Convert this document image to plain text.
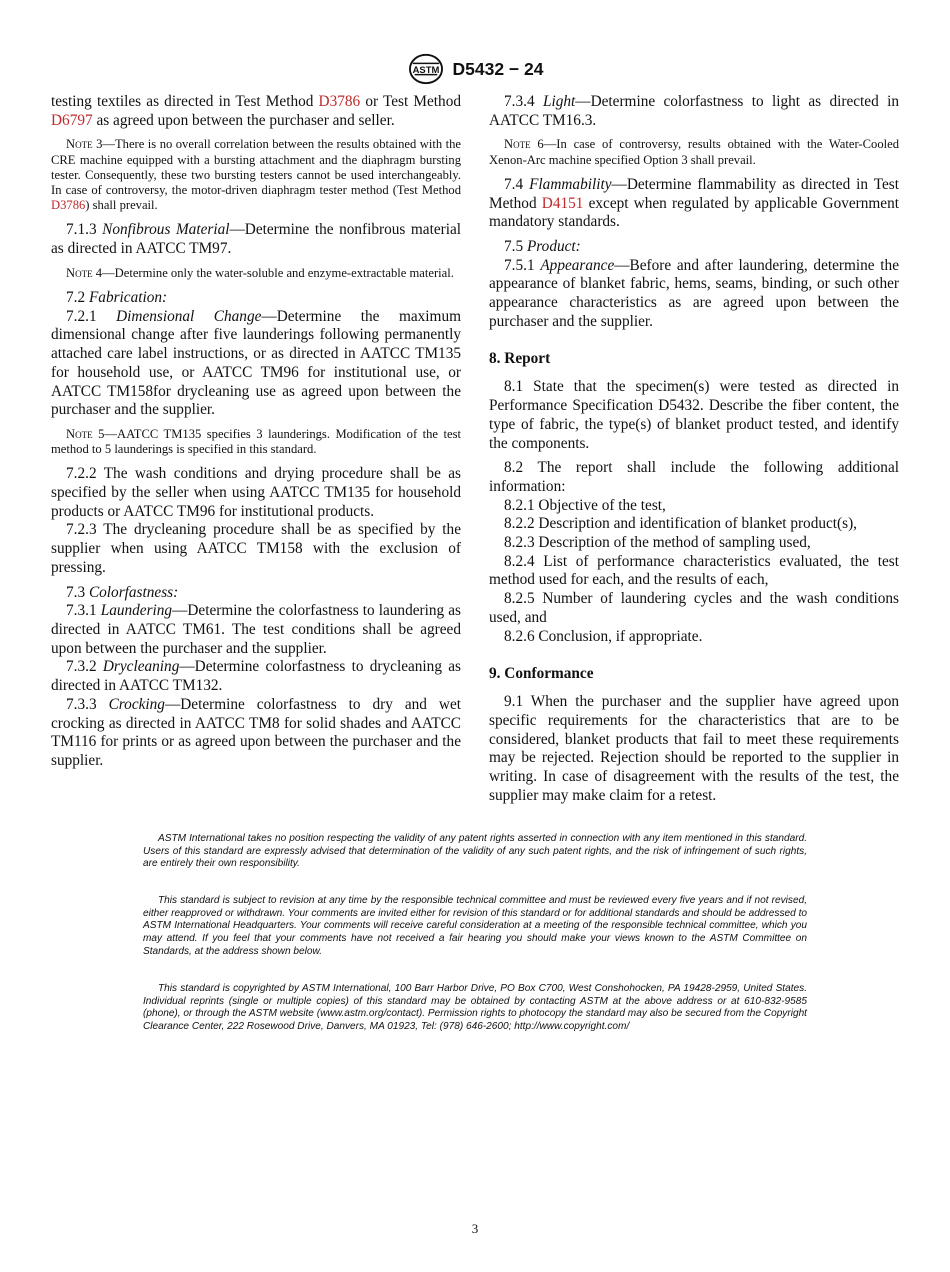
ASTM D5432 − 24

testing textiles as directed in Test Method D3786 or Test Method D6797 as agreed upon between the purchaser and seller.

Note 3—There is no overall correlation between the results obtained with the CRE machine equipped with a bursting attachment and the diaphragm bursting tester. Consequently, these two bursting testers cannot be used interchangeably. In case of controversy, the motor-driven diaphragm tester method (Test Method D3786) shall prevail.

7.1.3 Nonfibrous Material—Determine the nonfibrous material as directed in AATCC TM97.

Note 4—Determine only the water-soluble and enzyme-extractable material.

7.2 Fabrication:

7.2.1 Dimensional Change—Determine the maximum dimensional change after five launderings following permanently attached care label instructions, or as directed in AATCC TM135 for household use, or AATCC TM96 for institutional use, or AATCC TM158for drycleaning use as agreed upon between the purchaser and the supplier.

Note 5—AATCC TM135 specifies 3 launderings. Modification of the test method to 5 launderings is specified in this standard.

7.2.2 The wash conditions and drying procedure shall be as specified by the seller when using AATCC TM135 for household products or AATCC TM96 for institutional products.

7.2.3 The drycleaning procedure shall be as specified by the supplier when using AATCC TM158 with the exclusion of pressing.

7.3 Colorfastness:

7.3.1 Laundering—Determine the colorfastness to laundering as directed in AATCC TM61. The test conditions shall be agreed upon between the purchaser and the supplier.

7.3.2 Drycleaning—Determine colorfastness to drycleaning as directed in AATCC TM132.

7.3.3 Crocking—Determine colorfastness to dry and wet crocking as directed in AATCC TM8 for solid shades and AATCC TM116 for prints or as agreed upon between the purchaser and the supplier.

7.3.4 Light—Determine colorfastness to light as directed in AATCC TM16.3.

Note 6—In case of controversy, results obtained with the Water-Cooled Xenon-Arc machine specified Option 3 shall prevail.

7.4 Flammability—Determine flammability as directed in Test Method D4151 except when regulated by applicable Government mandatory standards.

7.5 Product:

7.5.1 Appearance—Before and after laundering, determine the appearance of blanket fabric, hems, seams, binding, or such other appearance characteristics as are agreed upon between the purchaser and the supplier.

8. Report

8.1 State that the specimen(s) were tested as directed in Performance Specification D5432. Describe the fiber content, the type of fabric, the type(s) of blanket product tested, and identify the components.

8.2 The report shall include the following additional information:

8.2.1 Objective of the test,

8.2.2 Description and identification of blanket product(s),

8.2.3 Description of the method of sampling used,

8.2.4 List of performance characteristics evaluated, the test method used for each, and the results of each,

8.2.5 Number of laundering cycles and the wash conditions used, and

8.2.6 Conclusion, if appropriate.

9. Conformance

9.1 When the purchaser and the supplier have agreed upon specific requirements for the characteristics that are to be considered, blanket products that fail to meet these requirements may be rejected. Rejection should be reported to the supplier in writing. In case of disagreement with the results of the test, the supplier may make claim for a retest.

ASTM International takes no position respecting the validity of any patent rights asserted in connection with any item mentioned in this standard. Users of this standard are expressly advised that determination of the validity of any such patent rights, and the risk of infringement of such rights, are entirely their own responsibility.

This standard is subject to revision at any time by the responsible technical committee and must be reviewed every five years and if not revised, either reapproved or withdrawn. Your comments are invited either for revision of this standard or for additional standards and should be addressed to ASTM International Headquarters. Your comments will receive careful consideration at a meeting of the responsible technical committee, which you may attend. If you feel that your comments have not received a fair hearing you should make your views known to the ASTM Committee on Standards, at the address shown below.

This standard is copyrighted by ASTM International, 100 Barr Harbor Drive, PO Box C700, West Conshohocken, PA 19428-2959, United States. Individual reprints (single or multiple copies) of this standard may be obtained by contacting ASTM at the above address or at 610-832-9585 (phone), or through the ASTM website (www.astm.org/contact). Permission rights to photocopy the standard may also be secured from the Copyright Clearance Center, 222 Rosewood Drive, Danvers, MA 01923, Tel: (978) 646-2600; http://www.copyright.com/

3
